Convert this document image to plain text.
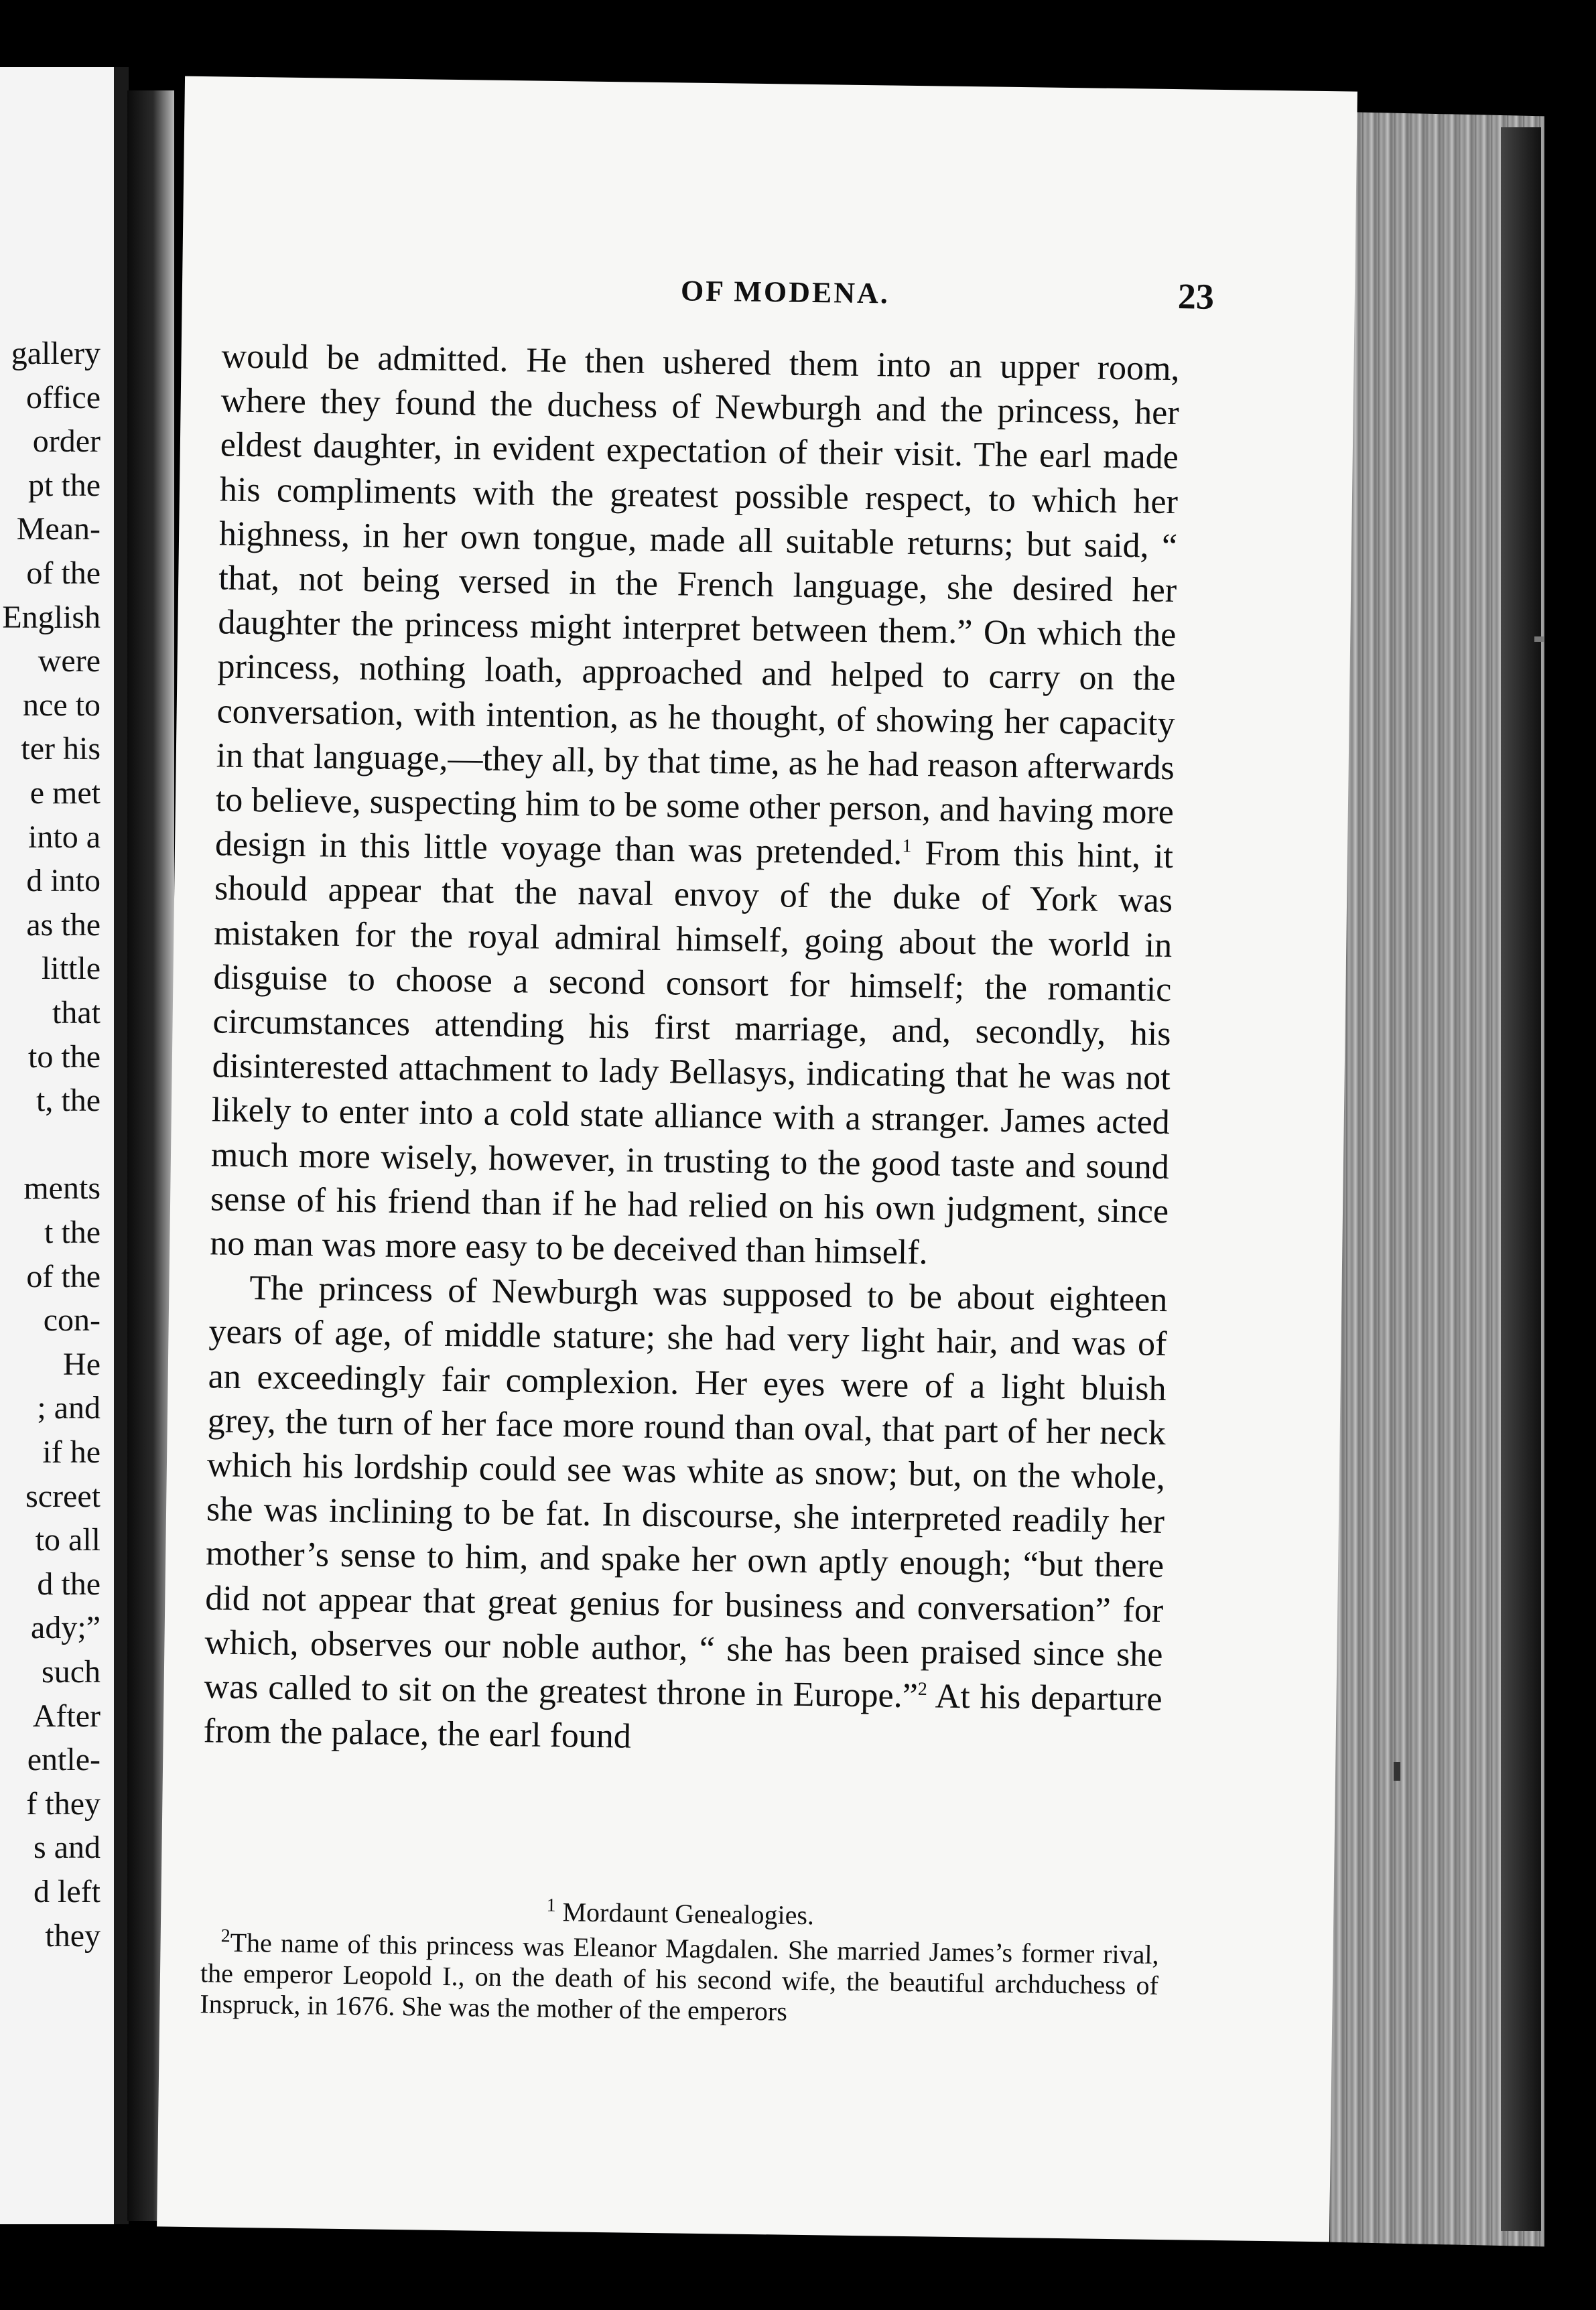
gallery
office
order
pt the
Mean-
of the
English
were
nce to
ter his
e met
into a
d into
as the
little
that
to the
t, the
ments
t the
of the
con-
He
; and
if he
screet
to all
d the
ady;”
such
After
entle-
f they
s and
d left
they
OF MODENA.	23

would be admitted. He then ushered them into an upper room, where they found the duchess of Newburgh and the princess, her eldest daughter, in evident expectation of their visit. The earl made his compliments with the greatest possible respect, to which her highness, in her own tongue, made all suitable returns; but said, “ that, not being versed in the French language, she desired her daughter the princess might interpret between them.” On which the princess, nothing loath, approached and helped to carry on the conversation, with intention, as he thought, of showing her capacity in that language,—they all, by that time, as he had reason afterwards to believe, suspecting him to be some other person, and having more design in this little voyage than was pretended.$^1$ From this hint, it should appear that the naval envoy of the duke of York was mistaken for the royal admiral himself, going about the world in disguise to choose a second consort for himself; the romantic circumstances attending his first marriage, and, secondly, his disinterested attachment to lady Bellasys, indicating that he was not likely to enter into a cold state alliance with a stranger. James acted much more wisely, however, in trusting to the good taste and sound sense of his friend than if he had relied on his own judgment, since no man was more easy to be deceived than himself.

The princess of Newburgh was supposed to be about eighteen years of age, of middle stature; she had very light hair, and was of an exceedingly fair complexion. Her eyes were of a light bluish grey, the turn of her face more round than oval, that part of her neck which his lordship could see was white as snow; but, on the whole, she was inclining to be fat. In discourse, she interpreted readily her mother’s sense to him, and spake her own aptly enough; “but there did not appear that great genius for business and conversation” for which, observes our noble author, “ she has been praised since she was called to sit on the greatest throne in Europe.”$^2$ At his departure from the palace, the earl found

$^1$ Mordaunt Genealogies.

$^2$The name of this princess was Eleanor Magdalen. She married James’s former rival, the emperor Leopold I., on the death of his second wife, the beautiful archduchess of Inspruck, in 1676. She was the mother of the emperors
